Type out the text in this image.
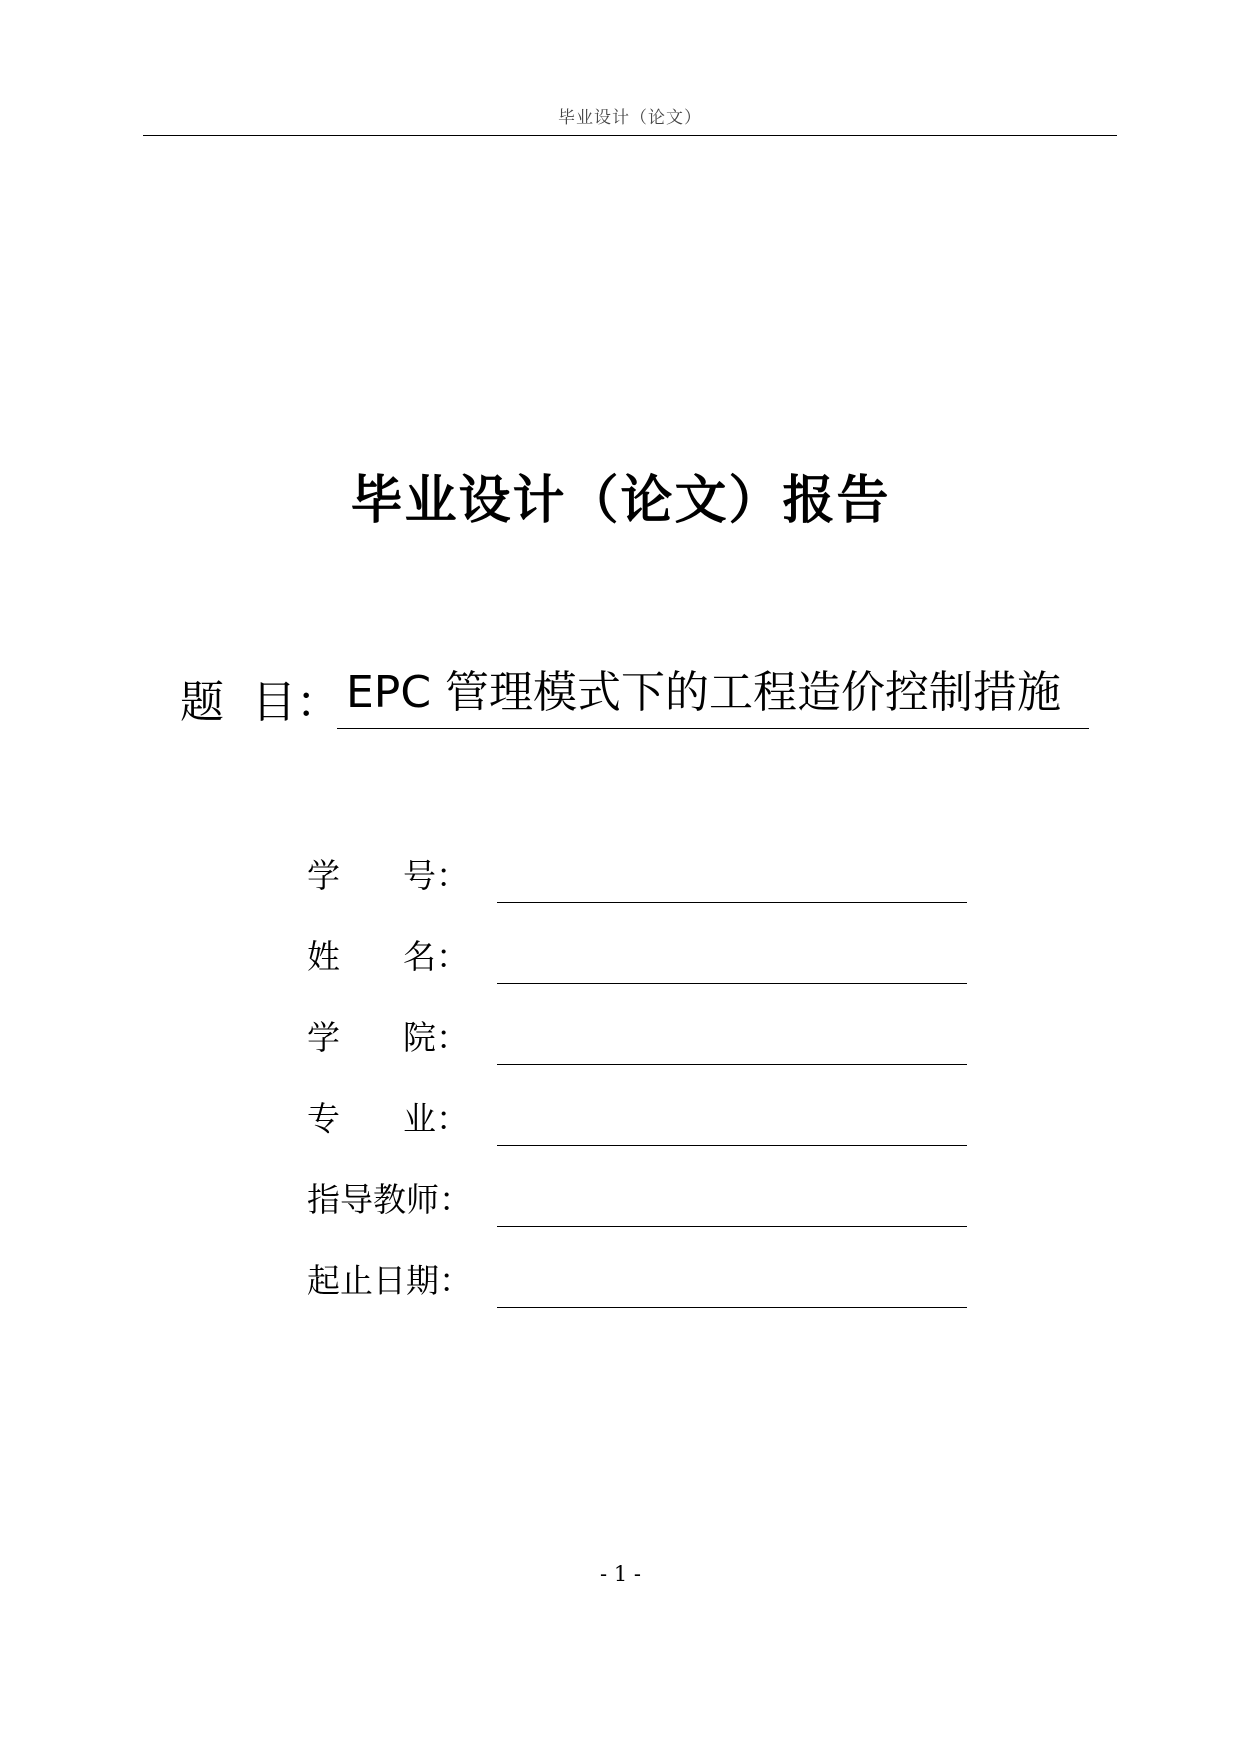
毕业设计（论文）
毕业设计（论文）报告
题  目： EPC 管理模式下的工程造价控制措施
学      号：
姓      名：
学      院：
专      业：
指导教师：
起止日期：
- 1 -
